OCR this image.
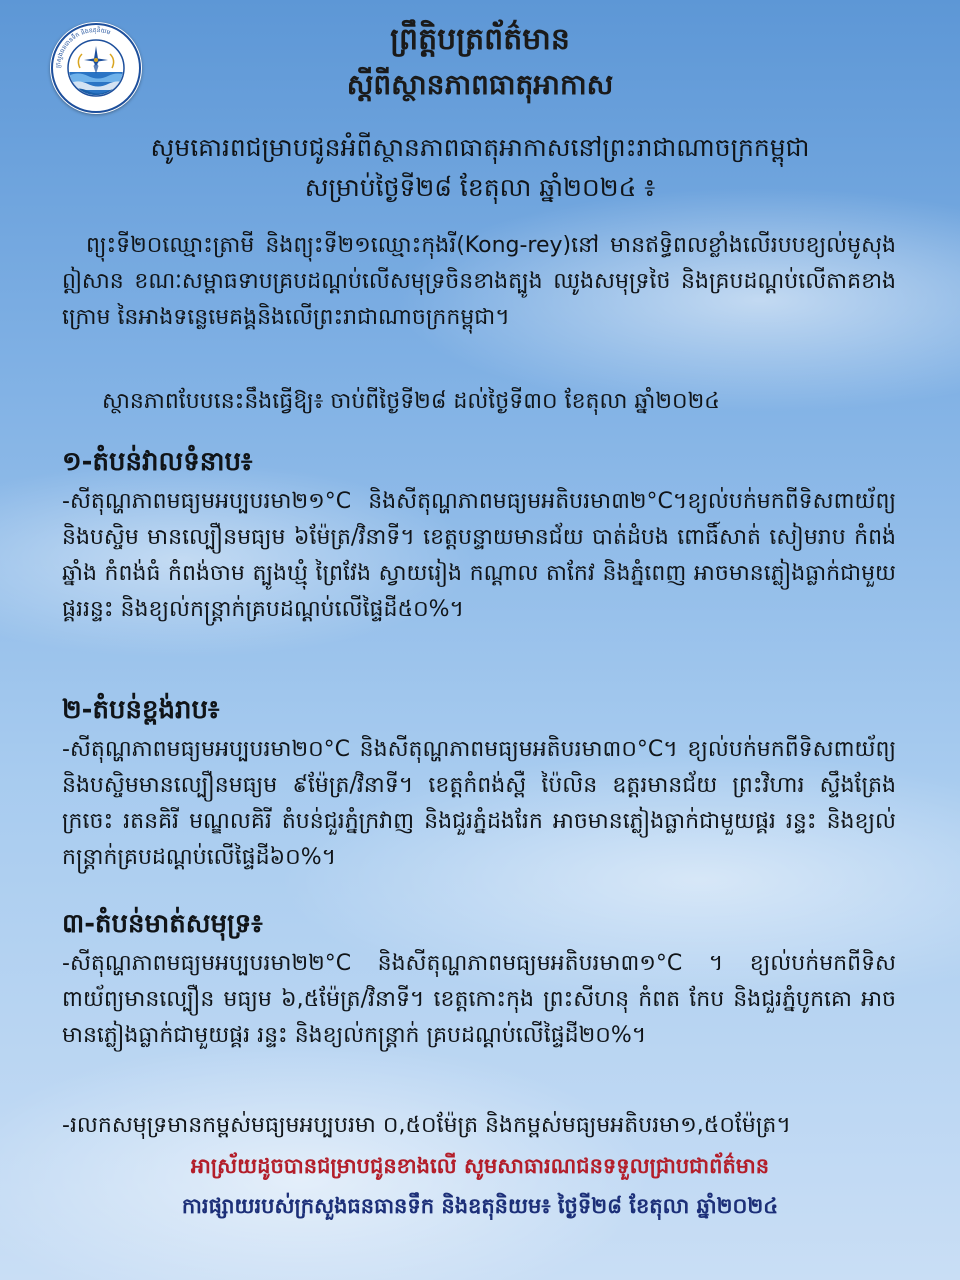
ក្រសួងធនធានទឹក និងឧតុនិយម	ព្រឹត្តិបត្រព័ត៌មាន
ស្តីពីស្ថានភាពធាតុអាកាស
សូមគោរពជម្រាបជូនអំពីស្ថានភាពធាតុអាកាសនៅព្រះរាជាណាចក្រកម្ពុជា
សម្រាប់ថ្ងៃទី២៨ ខែតុលា ឆ្នាំ២០២៤ ៖
ព្យុះទី២០ឈ្មោះត្រាមី និងព្យុះទី២១ឈ្មោះកុងរី(Kong-rey)នៅ មានឥទ្ធិពលខ្លាំងលើរបបខ្យល់មូសុងឦសាន ខណៈសម្ពាធទាបគ្របដណ្តប់លើសមុទ្រចិនខាងត្បូង ឈូងសមុទ្រថៃ និងគ្របដណ្តប់លើតាគខាងក្រោម នៃអាងទន្លេមេគង្គនិងលើព្រះរាជាណាចក្រកម្ពុជា។
ស្ថានភាពបែបនេះនឹងធ្វើឱ្យ៖ ចាប់ពីថ្ងៃទី២៨ ដល់ថ្ងៃទី៣០ ខែតុលា ឆ្នាំ២០២៤
១-តំបន់វាលទំនាប៖
-សីតុណ្ហភាពមធ្យមអប្បបរមា២១°C និងសីតុណ្ហភាពមធ្យមអតិបរមា៣២°C។ខ្យល់បក់មកពីទិសពាយ័ព្យ និងបស្ចិម មានល្បឿនមធ្យម ៦ម៉ែត្រ/វិនាទី។ ខេត្តបន្ទាយមានជ័យ បាត់ដំបង ពោធិ៍សាត់ សៀមរាប កំពង់ឆ្នាំង កំពង់ធំ កំពង់ចាម ត្បូងឃ្មុំ ព្រៃវែង ស្វាយរៀង កណ្តាល តាកែវ និងភ្នំពេញ អាចមានភ្លៀងធ្លាក់ជាមួយផ្គររន្ទះ និងខ្យល់កន្ត្រាក់គ្របដណ្តប់លើផ្ទៃដី៥០%។
២-តំបន់ខ្ពង់រាប៖
-សីតុណ្ហភាពមធ្យមអប្បបរមា២០°C និងសីតុណ្ហភាពមធ្យមអតិបរមា៣០°C។ ខ្យល់បក់មកពីទិសពាយ័ព្យ និងបស្ចិមមានល្បឿនមធ្យម ៩ម៉ែត្រ/វិនាទី។ ខេត្តកំពង់ស្ពឺ ប៉ៃលិន ឧត្តរមានជ័យ ព្រះវិហារ ស្ទឹងត្រែង ក្រចេះ រតនគិរី មណ្ឌលគិរី តំបន់ជួរភ្នំក្រវាញ និងជួរភ្នំដងរែក អាចមានភ្លៀងធ្លាក់ជាមួយផ្គរ រន្ទះ និងខ្យល់កន្ត្រាក់គ្របដណ្តប់លើផ្ទៃដី៦០%។
៣-តំបន់មាត់សមុទ្រ៖
-សីតុណ្ហភាពមធ្យមអប្បបរមា២២°C និងសីតុណ្ហភាពមធ្យមអតិបរមា៣១°C ។ ខ្យល់បក់មកពីទិសពាយ័ព្យមានល្បឿន មធ្យម ៦,៥ម៉ែត្រ/វិនាទី។ ខេត្តកោះកុង ព្រះសីហនុ កំពត កែប និងជួរភ្នំបូកគោ អាចមានភ្លៀងធ្លាក់ជាមួយផ្គរ រន្ទះ និងខ្យល់កន្ត្រាក់ គ្របដណ្តប់លើផ្ទៃដី២០%។
-រលកសមុទ្រមានកម្ពស់មធ្យមអប្បបរមា ០,៥០ម៉ែត្រ និងកម្ពស់មធ្យមអតិបរមា១,៥០ម៉ែត្រ។
អាស្រ័យដូចបានជម្រាបជូនខាងលើ សូមសាធារណជនទទួលជ្រាបជាព័ត៌មាន
ការផ្សាយរបស់ក្រសួងធនធានទឹក និងឧតុនិយម៖ ថ្ងៃទី២៨ ខែតុលា ឆ្នាំ២០២៤
